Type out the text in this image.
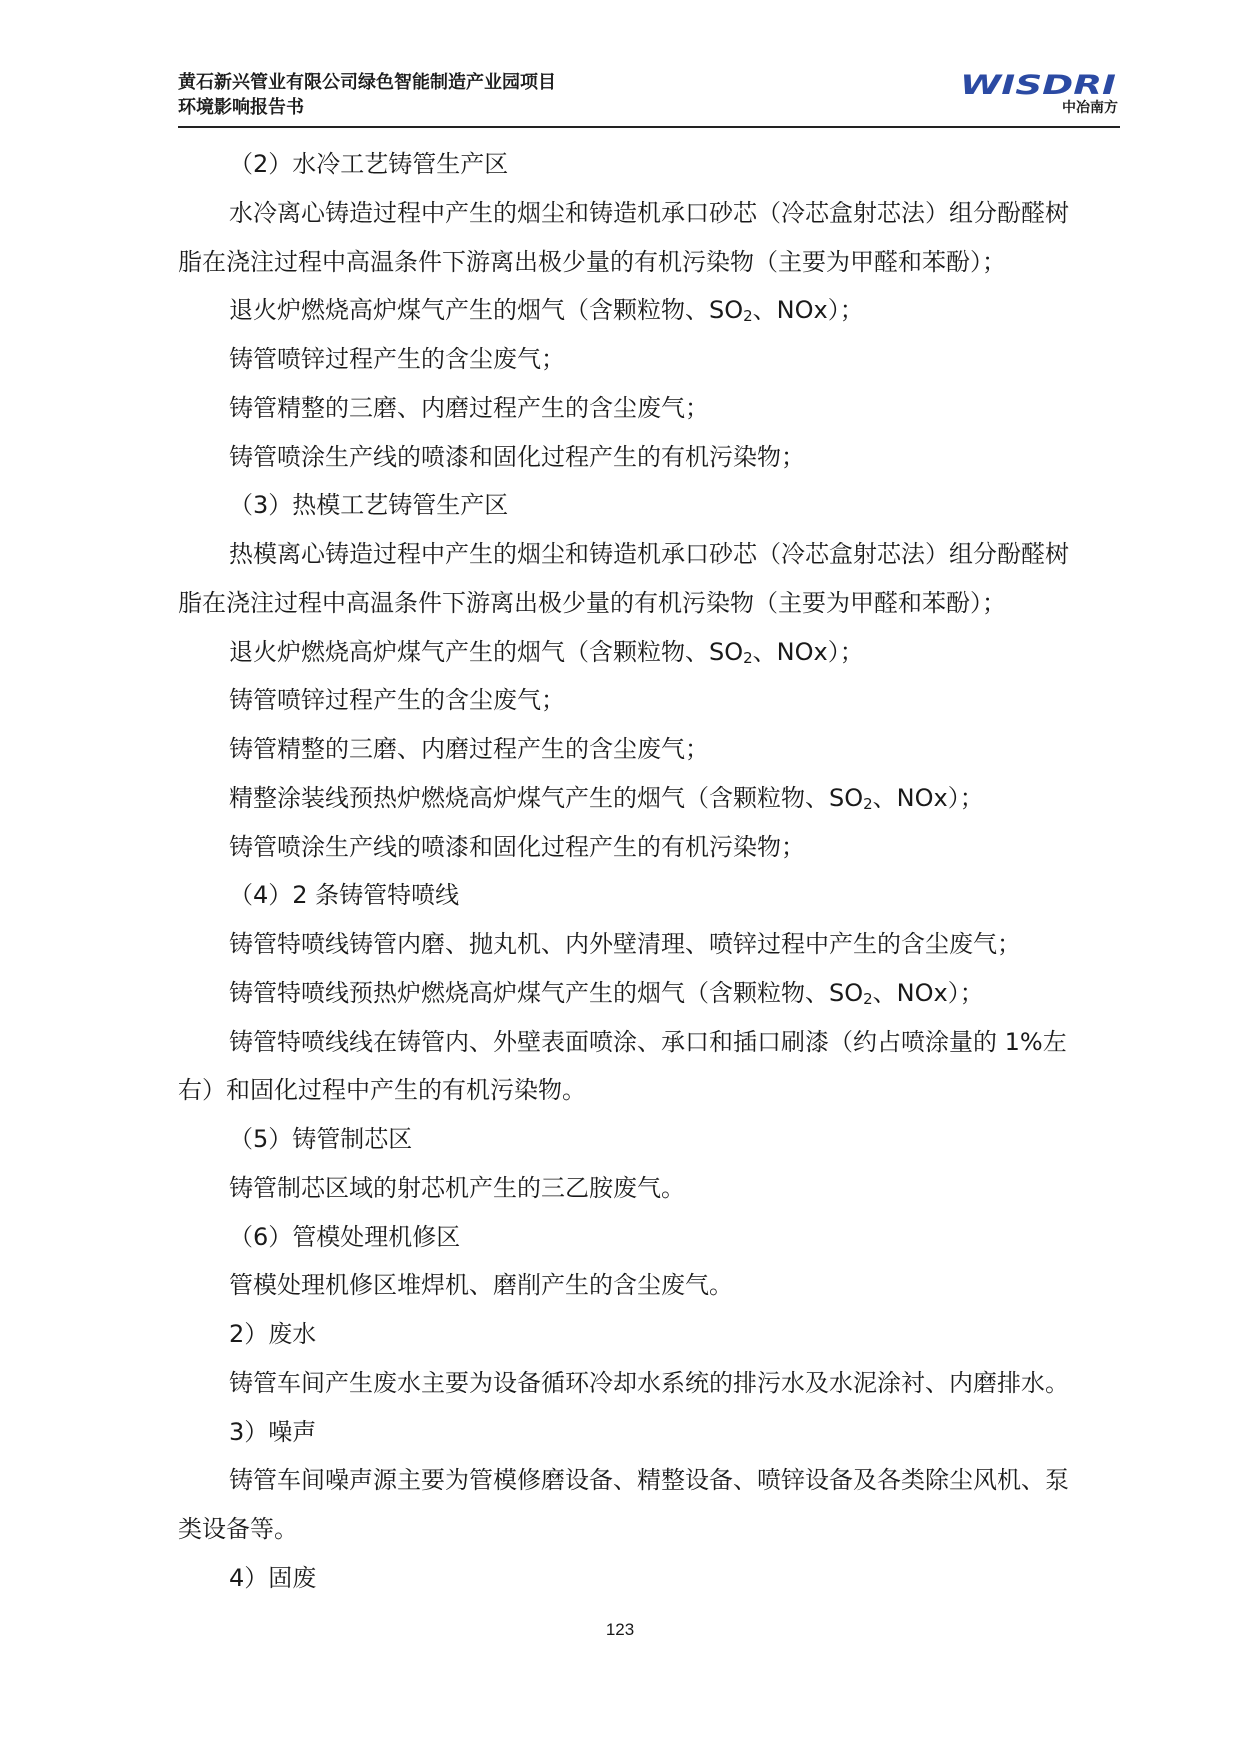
黄石新兴管业有限公司绿色智能制造产业园项目
环境影响报告书
WISDRI
中冶南方
（2）水冷工艺铸管生产区
水冷离心铸造过程中产生的烟尘和铸造机承口砂芯（冷芯盒射芯法）组分酚醛树
脂在浇注过程中高温条件下游离出极少量的有机污染物（主要为甲醛和苯酚）；
退火炉燃烧高炉煤气产生的烟气（含颗粒物、$SO_2$、NOx）；
铸管喷锌过程产生的含尘废气；
铸管精整的三磨、内磨过程产生的含尘废气；
铸管喷涂生产线的喷漆和固化过程产生的有机污染物；
（3）热模工艺铸管生产区
热模离心铸造过程中产生的烟尘和铸造机承口砂芯（冷芯盒射芯法）组分酚醛树
脂在浇注过程中高温条件下游离出极少量的有机污染物（主要为甲醛和苯酚）；
退火炉燃烧高炉煤气产生的烟气（含颗粒物、$SO_2$、NOx）；
铸管喷锌过程产生的含尘废气；
铸管精整的三磨、内磨过程产生的含尘废气；
精整涂装线预热炉燃烧高炉煤气产生的烟气（含颗粒物、$SO_2$、NOx）；
铸管喷涂生产线的喷漆和固化过程产生的有机污染物；
（4）2 条铸管特喷线
铸管特喷线铸管内磨、抛丸机、内外壁清理、喷锌过程中产生的含尘废气；
铸管特喷线预热炉燃烧高炉煤气产生的烟气（含颗粒物、$SO_2$、NOx）；
铸管特喷线线在铸管内、外壁表面喷涂、承口和插口刷漆（约占喷涂量的 1%左
右）和固化过程中产生的有机污染物。
（5）铸管制芯区
铸管制芯区域的射芯机产生的三乙胺废气。
（6）管模处理机修区
管模处理机修区堆焊机、磨削产生的含尘废气。
2）废水
铸管车间产生废水主要为设备循环冷却水系统的排污水及水泥涂衬、内磨排水。
3）噪声
铸管车间噪声源主要为管模修磨设备、精整设备、喷锌设备及各类除尘风机、泵
类设备等。
4）固废
123
